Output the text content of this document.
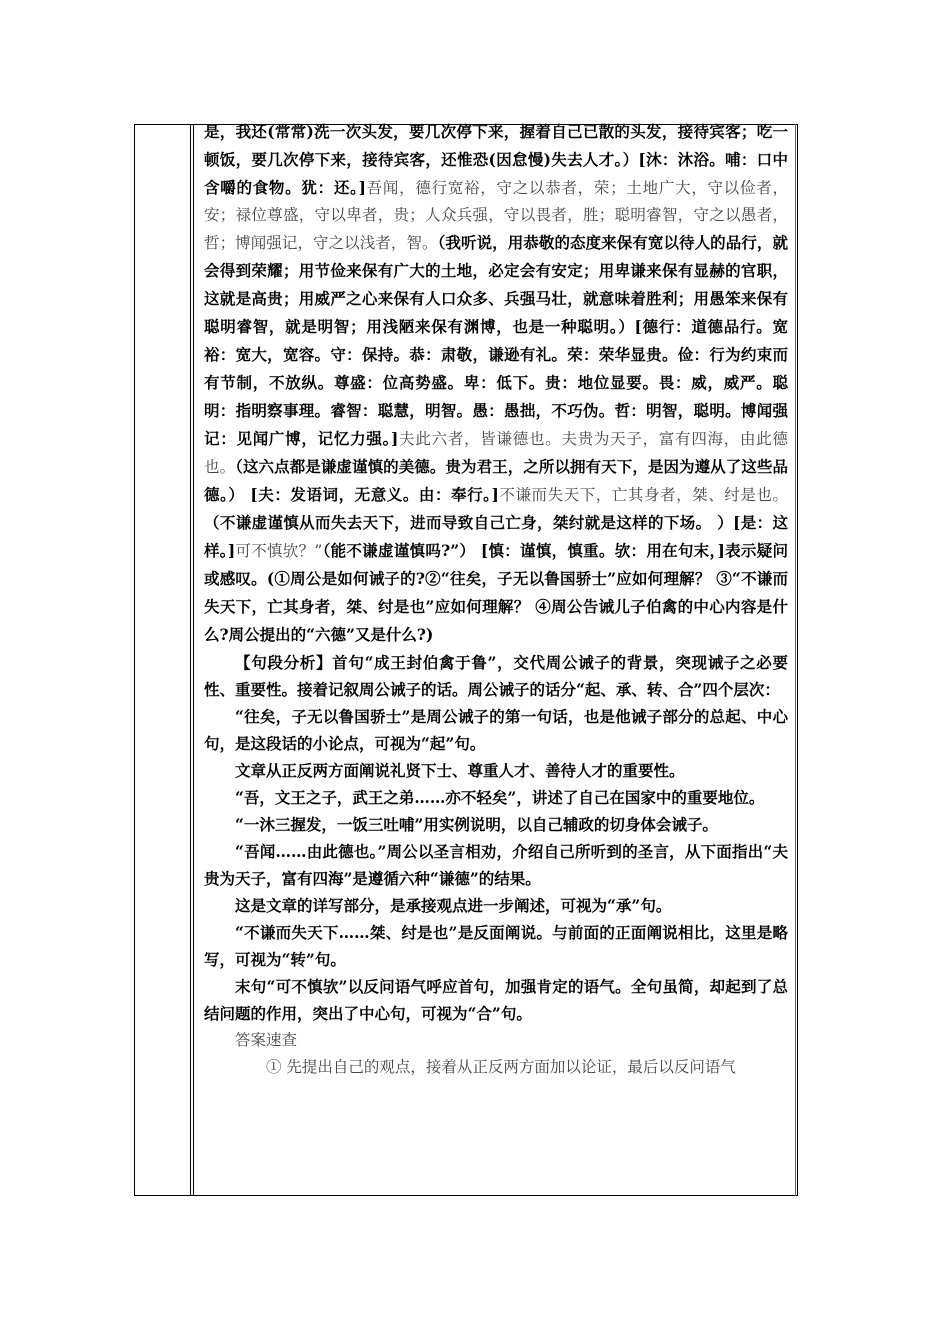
是，我还(常常)洗一次头发，要几次停下来，握着自己已散的头发，接待宾客；吃一顿饭，要几次停下来，接待宾客，还惟恐(因怠慢)失去人才。）[沐：沐浴。哺：口中含嚼的食物。犹：还。]吾闻，德行宽裕，守之以恭者，荣；土地广大，守以俭者，安；禄位尊盛，守以卑者，贵；人众兵强，守以畏者，胜；聪明睿智，守之以愚者，哲；博闻强记，守之以浅者，智。（我听说，用恭敬的态度来保有宽以待人的品行，就会得到荣耀；用节俭来保有广大的土地，必定会有安定；用卑谦来保有显赫的官职，这就是高贵；用威严之心来保有人口众多、兵强马壮，就意味着胜利；用愚笨来保有聪明睿智，就是明智；用浅陋来保有渊博，也是一种聪明。）[德行：道德品行。宽裕：宽大，宽容。守：保持。恭：肃敬，谦逊有礼。荣：荣华显贵。俭：行为约束而有节制，不放纵。尊盛：位高势盛。卑：低下。贵：地位显要。畏：威，威严。聪明：指明察事理。睿智：聪慧，明智。愚：愚拙，不巧伪。哲：明智，聪明。博闻强记：见闻广博，记忆力强。]夫此六者，皆谦德也。夫贵为天子，富有四海，由此德也。（这六点都是谦虚谨慎的美德。贵为君王，之所以拥有天下，是因为遵从了这些品德。） [夫：发语词，无意义。由：奉行。]不谦而失天下，亡其身者，桀、纣是也。（不谦虚谨慎从而失去天下，进而导致自己亡身，桀纣就是这样的下场。 ）[是：这样。]可不慎欤？”（能不谦虚谨慎吗?”） [慎：谨慎，慎重。欤：用在句末，]表示疑问或感叹。(①周公是如何诫子的?②“往矣，子无以鲁国骄士”应如何理解？ ③“不谦而失天下，亡其身者，桀、纣是也”应如何理解？ ④周公告诫儿子伯禽的中心内容是什么?周公提出的“六德”又是什么?)

【句段分析】首句“成王封伯禽于鲁”，交代周公诫子的背景，突现诫子之必要性、重要性。接着记叙周公诫子的话。周公诫子的话分“起、承、转、合”四个层次：

“往矣，子无以鲁国骄士”是周公诫子的第一句话，也是他诫子部分的总起、中心句，是这段话的小论点，可视为“起”句。

文章从正反两方面阐说礼贤下士、尊重人才、善待人才的重要性。

“吾，文王之子，武王之弟……亦不轻矣”，讲述了自己在国家中的重要地位。

“一沐三握发，一饭三吐哺”用实例说明，以自己辅政的切身体会诫子。

“吾闻……由此德也。”周公以圣言相劝，介绍自己所听到的圣言，从下面指出“夫贵为天子，富有四海”是遵循六种“谦德”的结果。

这是文章的详写部分，是承接观点进一步阐述，可视为“承”句。

“不谦而失天下……桀、纣是也”是反面阐说。与前面的正面阐说相比，这里是略写，可视为“转”句。

末句“可不慎欤”以反问语气呼应首句，加强肯定的语气。全句虽简，却起到了总结问题的作用，突出了中心句，可视为“合”句。

答案速查

① 先提出自己的观点，接着从正反两方面加以论证，最后以反问语气
